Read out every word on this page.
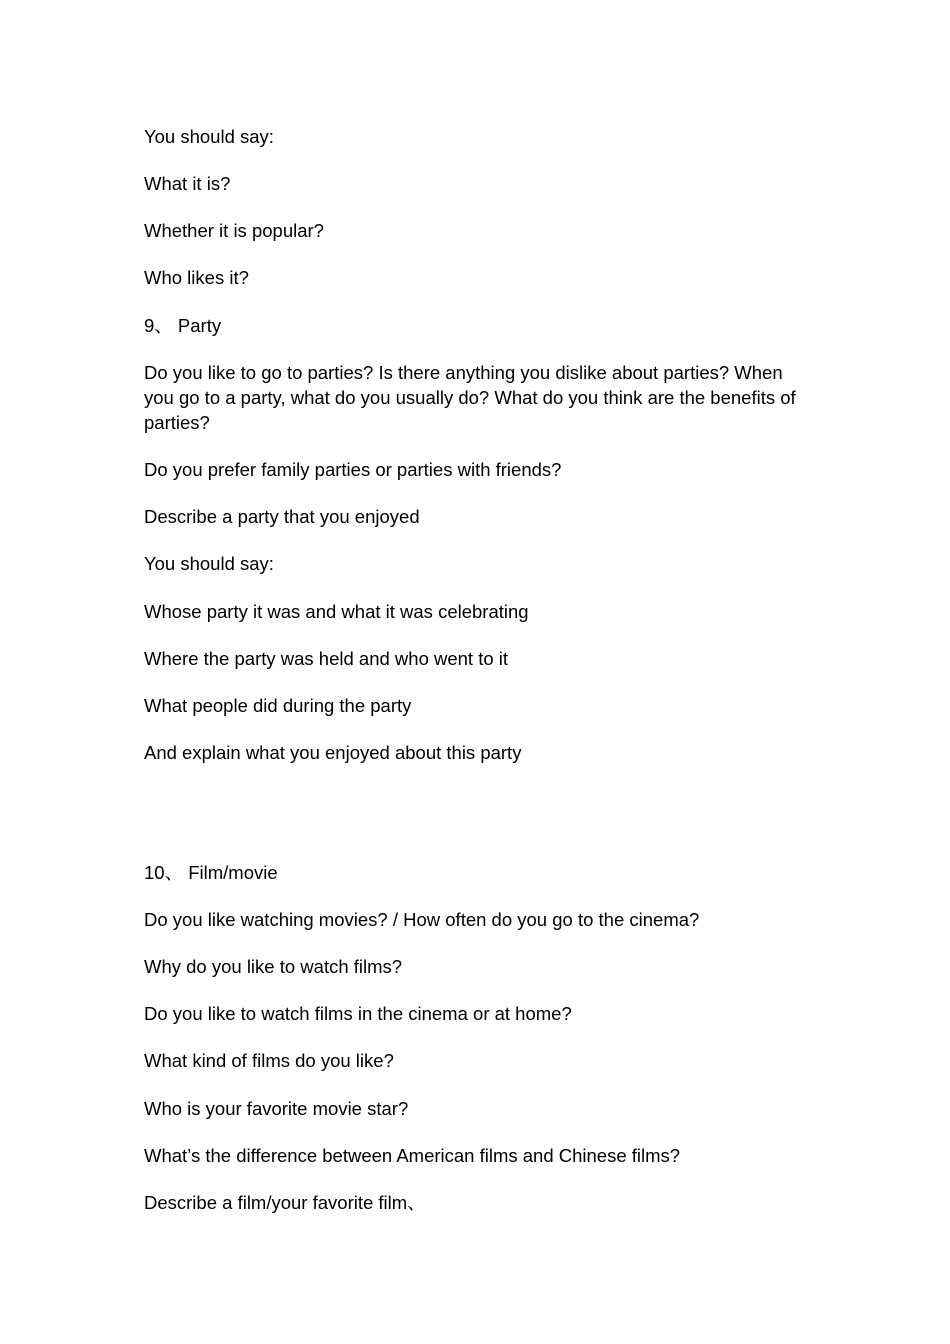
You should say:

What it is?

Whether it is popular?

Who likes it?

9、 Party

Do you like to go to parties? Is there anything you dislike about parties? When you go to a party, what do you usually do? What do you think are the benefits of parties?

Do you prefer family parties or parties with friends?

Describe a party that you enjoyed

You should say:

Whose party it was and what it was celebrating

Where the party was held and who went to it

What people did during the party

And explain what you enjoyed about this party

10、 Film/movie

Do you like watching movies? / How often do you go to the cinema?

Why do you like to watch films?

Do you like to watch films in the cinema or at home?

What kind of films do you like?

Who is your favorite movie star?

What’s the difference between American films and Chinese films?

Describe a film/your favorite film、
